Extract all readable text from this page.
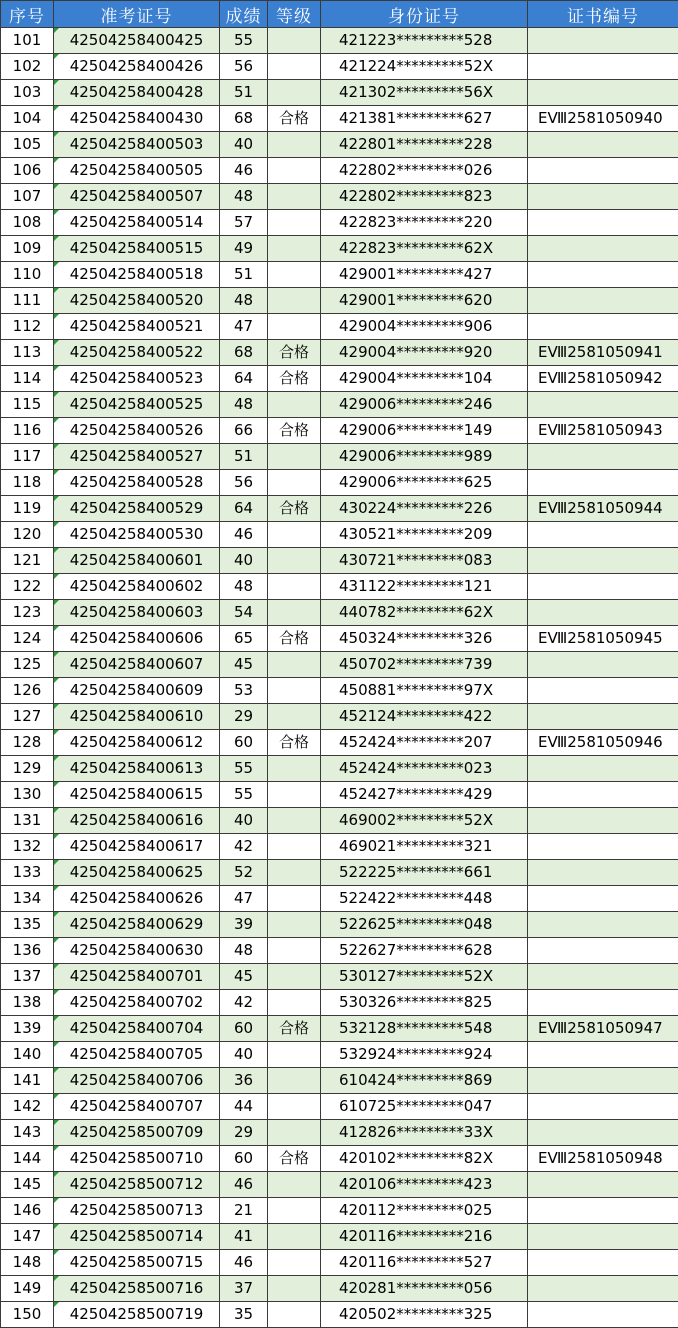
序号	准考证号	成绩	等级	身份证号	证书编号
101	42504258400425	55		421223*********528	
102	42504258400426	56		421224*********52X	
103	42504258400428	51		421302*********56X	
104	42504258400430	68	合格	421381*********627	EⅧ2581050940
105	42504258400503	40		422801*********228	
106	42504258400505	46		422802*********026	
107	42504258400507	48		422802*********823	
108	42504258400514	57		422823*********220	
109	42504258400515	49		422823*********62X	
110	42504258400518	51		429001*********427	
111	42504258400520	48		429001*********620	
112	42504258400521	47		429004*********906	
113	42504258400522	68	合格	429004*********920	EⅧ2581050941
114	42504258400523	64	合格	429004*********104	EⅧ2581050942
115	42504258400525	48		429006*********246	
116	42504258400526	66	合格	429006*********149	EⅧ2581050943
117	42504258400527	51		429006*********989	
118	42504258400528	56		429006*********625	
119	42504258400529	64	合格	430224*********226	EⅧ2581050944
120	42504258400530	46		430521*********209	
121	42504258400601	40		430721*********083	
122	42504258400602	48		431122*********121	
123	42504258400603	54		440782*********62X	
124	42504258400606	65	合格	450324*********326	EⅧ2581050945
125	42504258400607	45		450702*********739	
126	42504258400609	53		450881*********97X	
127	42504258400610	29		452124*********422	
128	42504258400612	60	合格	452424*********207	EⅧ2581050946
129	42504258400613	55		452424*********023	
130	42504258400615	55		452427*********429	
131	42504258400616	40		469002*********52X	
132	42504258400617	42		469021*********321	
133	42504258400625	52		522225*********661	
134	42504258400626	47		522422*********448	
135	42504258400629	39		522625*********048	
136	42504258400630	48		522627*********628	
137	42504258400701	45		530127*********52X	
138	42504258400702	42		530326*********825	
139	42504258400704	60	合格	532128*********548	EⅧ2581050947
140	42504258400705	40		532924*********924	
141	42504258400706	36		610424*********869	
142	42504258400707	44		610725*********047	
143	42504258500709	29		412826*********33X	
144	42504258500710	60	合格	420102*********82X	EⅧ2581050948
145	42504258500712	46		420106*********423	
146	42504258500713	21		420112*********025	
147	42504258500714	41		420116*********216	
148	42504258500715	46		420116*********527	
149	42504258500716	37		420281*********056	
150	42504258500719	35		420502*********325	
